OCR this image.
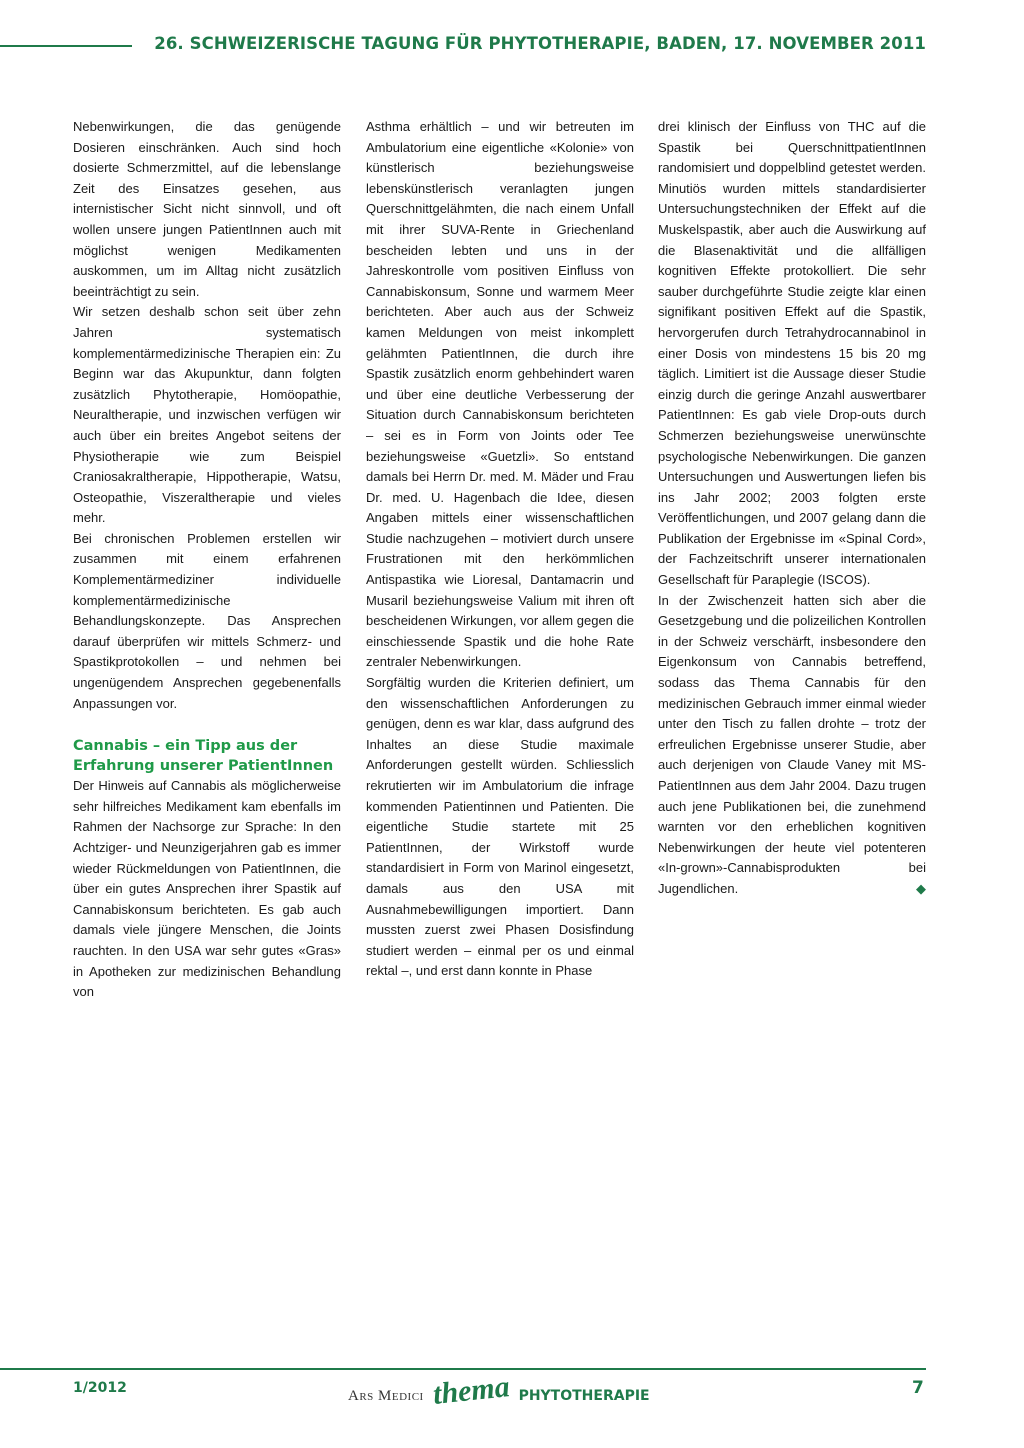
26. SCHWEIZERISCHE TAGUNG FÜR PHYTOTHERAPIE, BADEN, 17. NOVEMBER 2011

Nebenwirkungen, die das genügende Dosieren einschränken. Auch sind hoch dosierte Schmerzmittel, auf die lebenslange Zeit des Einsatzes gesehen, aus internistischer Sicht nicht sinnvoll, und oft wollen unsere jungen PatientInnen auch mit möglichst wenigen Medikamenten auskommen, um im Alltag nicht zusätzlich beeinträchtigt zu sein.

Wir setzen deshalb schon seit über zehn Jahren systematisch komplementärmedizinische Therapien ein: Zu Beginn war das Akupunktur, dann folgten zusätzlich Phytotherapie, Homöopathie, Neuraltherapie, und inzwischen verfügen wir auch über ein breites Angebot seitens der Physiotherapie wie zum Beispiel Craniosakraltherapie, Hippotherapie, Watsu, Osteopathie, Viszeraltherapie und vieles mehr.

Bei chronischen Problemen erstellen wir zusammen mit einem erfahrenen Komplementärmediziner individuelle komplementärmedizinische Behandlungskonzepte. Das Ansprechen darauf überprüfen wir mittels Schmerz- und Spastikprotokollen – und nehmen bei ungenügendem Ansprechen gegebenenfalls Anpassungen vor.

Cannabis – ein Tipp aus der Erfahrung unserer PatientInnen

Der Hinweis auf Cannabis als möglicherweise sehr hilfreiches Medikament kam ebenfalls im Rahmen der Nachsorge zur Sprache: In den Achtziger- und Neunzigerjahren gab es immer wieder Rückmeldungen von PatientInnen, die über ein gutes Ansprechen ihrer Spastik auf Cannabiskonsum berichteten. Es gab auch damals viele jüngere Menschen, die Joints rauchten. In den USA war sehr gutes «Gras» in Apotheken zur medizinischen Behandlung von

Asthma erhältlich – und wir betreuten im Ambulatorium eine eigentliche «Kolonie» von künstlerisch beziehungsweise lebenskünstlerisch veranlagten jungen Querschnittgelähmten, die nach einem Unfall mit ihrer SUVA-Rente in Griechenland bescheiden lebten und uns in der Jahreskontrolle vom positiven Einfluss von Cannabiskonsum, Sonne und warmem Meer berichteten. Aber auch aus der Schweiz kamen Meldungen von meist inkomplett gelähmten PatientInnen, die durch ihre Spastik zusätzlich enorm gehbehindert waren und über eine deutliche Verbesserung der Situation durch Cannabiskonsum berichteten – sei es in Form von Joints oder Tee beziehungsweise «Guetzli». So entstand damals bei Herrn Dr. med. M. Mäder und Frau Dr. med. U. Hagenbach die Idee, diesen Angaben mittels einer wissenschaftlichen Studie nachzugehen – motiviert durch unsere Frustrationen mit den herkömmlichen Antispastika wie Lioresal, Dantamacrin und Musaril beziehungsweise Valium mit ihren oft bescheidenen Wirkungen, vor allem gegen die einschiessende Spastik und die hohe Rate zentraler Nebenwirkungen.

Sorgfältig wurden die Kriterien definiert, um den wissenschaftlichen Anforderungen zu genügen, denn es war klar, dass aufgrund des Inhaltes an diese Studie maximale Anforderungen gestellt würden. Schliesslich rekrutierten wir im Ambulatorium die infrage kommenden Patientinnen und Patienten. Die eigentliche Studie startete mit 25 PatientInnen, der Wirkstoff wurde standardisiert in Form von Marinol eingesetzt, damals aus den USA mit Ausnahmebewilligungen importiert. Dann mussten zuerst zwei Phasen Dosisfindung studiert werden – einmal per os und einmal rektal –, und erst dann konnte in Phase

drei klinisch der Einfluss von THC auf die Spastik bei QuerschnittpatientInnen randomisiert und doppelblind getestet werden. Minutiös wurden mittels standardisierter Untersuchungstechniken der Effekt auf die Muskelspastik, aber auch die Auswirkung auf die Blasenaktivität und die allfälligen kognitiven Effekte protokolliert. Die sehr sauber durchgeführte Studie zeigte klar einen signifikant positiven Effekt auf die Spastik, hervorgerufen durch Tetrahydrocannabinol in einer Dosis von mindestens 15 bis 20 mg täglich. Limitiert ist die Aussage dieser Studie einzig durch die geringe Anzahl auswertbarer PatientInnen: Es gab viele Drop-outs durch Schmerzen beziehungsweise unerwünschte psychologische Nebenwirkungen. Die ganzen Untersuchungen und Auswertungen liefen bis ins Jahr 2002; 2003 folgten erste Veröffentlichungen, und 2007 gelang dann die Publikation der Ergebnisse im «Spinal Cord», der Fachzeitschrift unserer internationalen Gesellschaft für Paraplegie (ISCOS).

In der Zwischenzeit hatten sich aber die Gesetzgebung und die polizeilichen Kontrollen in der Schweiz verschärft, insbesondere den Eigenkonsum von Cannabis betreffend, sodass das Thema Cannabis für den medizinischen Gebrauch immer einmal wieder unter den Tisch zu fallen drohte – trotz der erfreulichen Ergebnisse unserer Studie, aber auch derjenigen von Claude Vaney mit MS-PatientInnen aus dem Jahr 2004. Dazu trugen auch jene Publikationen bei, die zunehmend warnten vor den erheblichen kognitiven Nebenwirkungen der heute viel potenteren «In-grown»-Cannabisprodukten bei Jugendlichen.	◆

1/2012	Ars Medici thema PHYTOTHERAPIE	7
